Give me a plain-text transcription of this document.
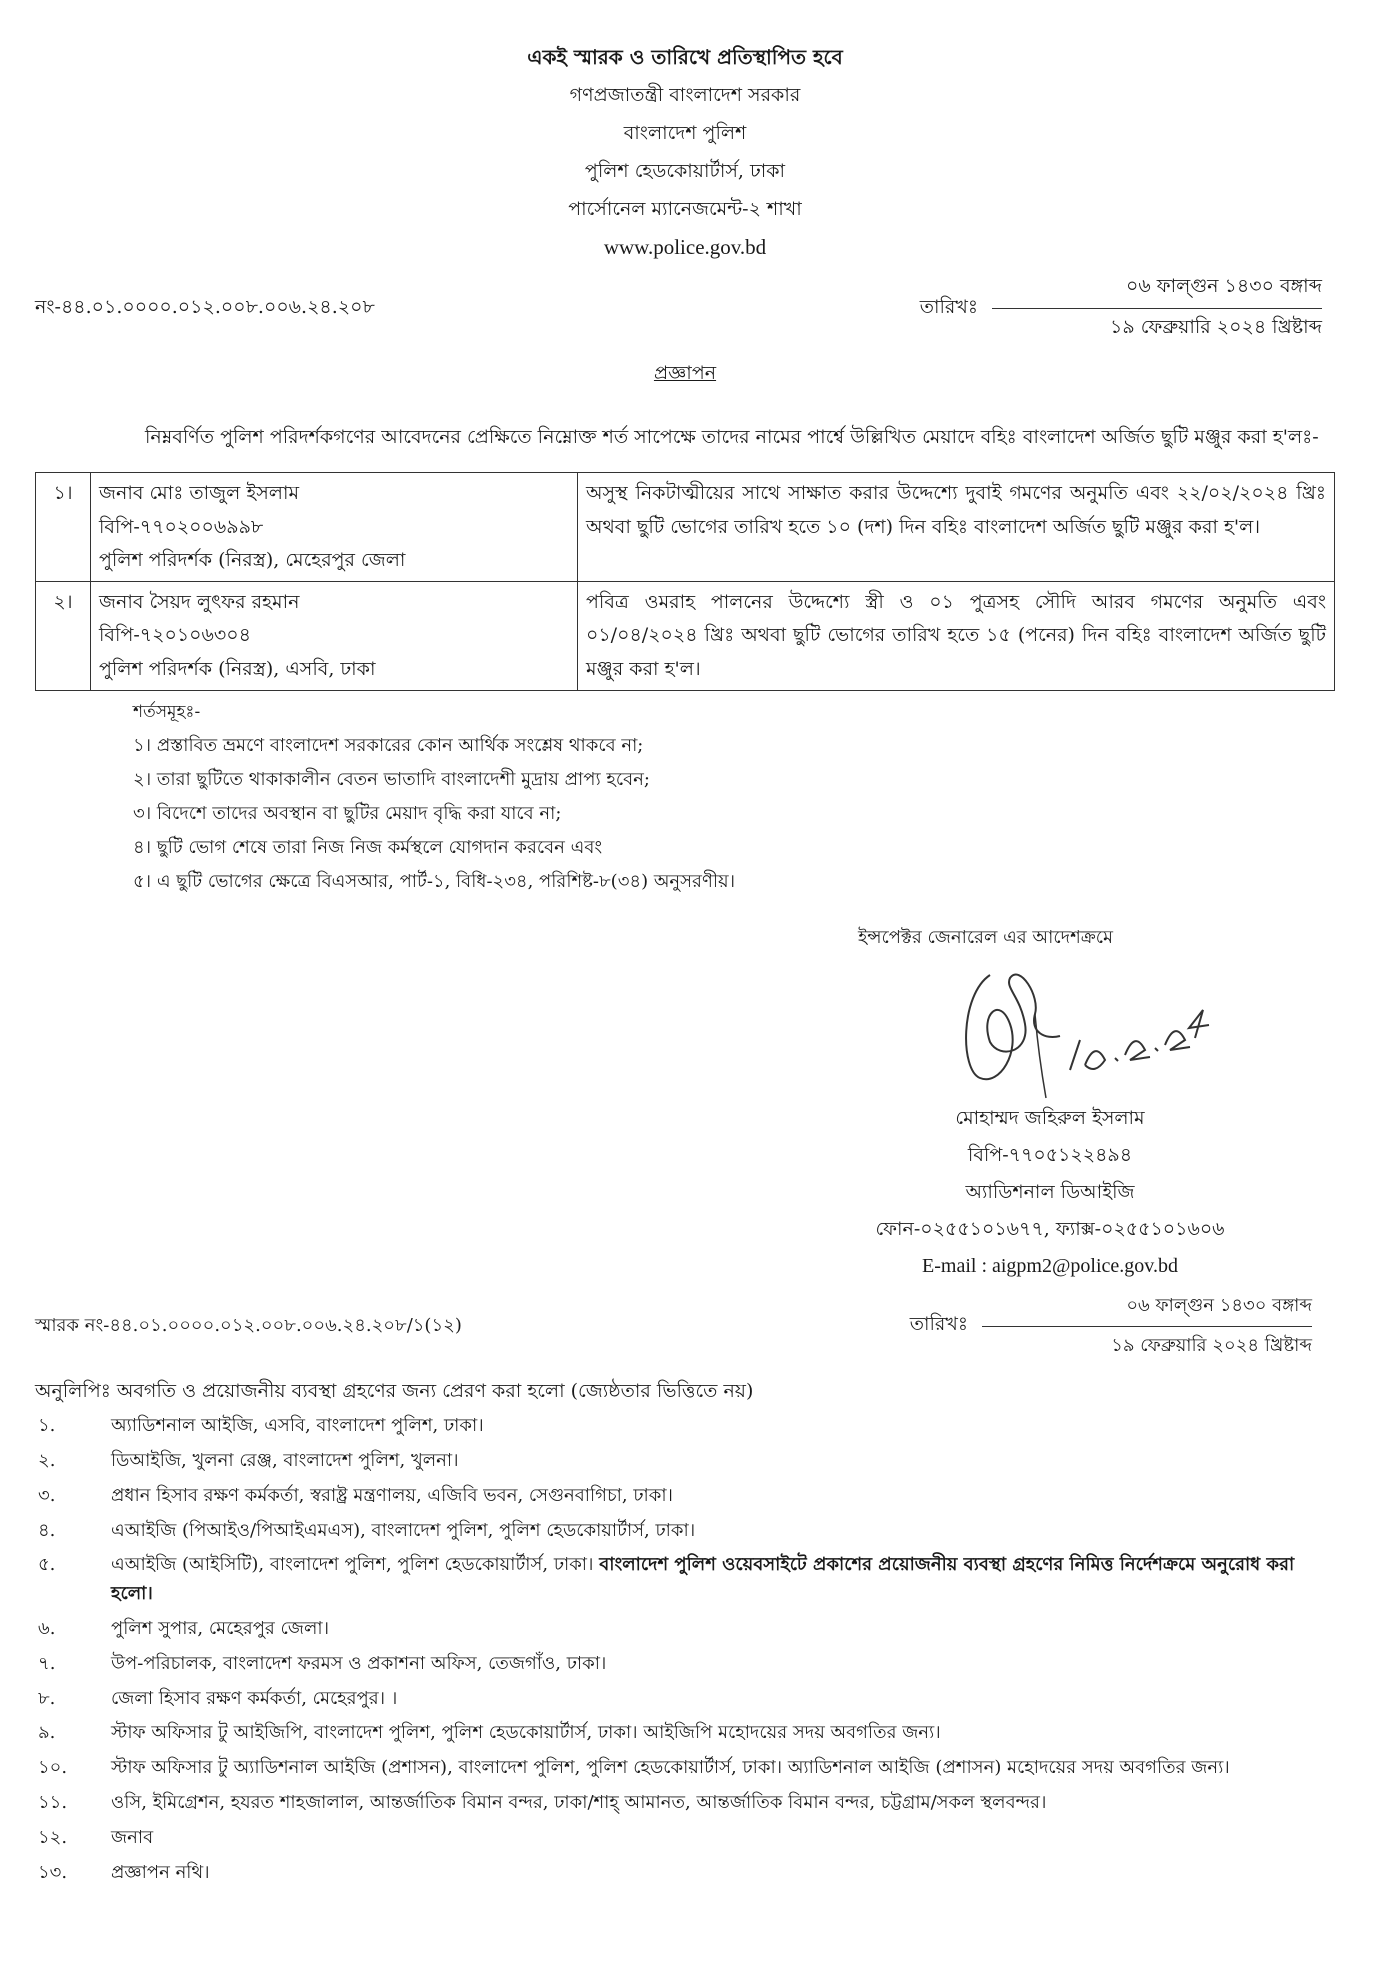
একই স্মারক ও তারিখে প্রতিস্থাপিত হবে
গণপ্রজাতন্ত্রী বাংলাদেশ সরকার
বাংলাদেশ পুলিশ
পুলিশ হেডকোয়ার্টার্স, ঢাকা
পার্সোনেল ম্যানেজমেন্ট-২ শাখা
www.police.gov.bd
নং-৪৪.০১.০০০০.০১২.০০৮.০০৬.২৪.২০৮	তারিখঃ
০৬ ফাল্গুন ১৪৩০ বঙ্গাব্দ
১৯ ফেব্রুয়ারি ২০২৪ খ্রিষ্টাব্দ
প্রজ্ঞাপন
নিম্নবর্ণিত পুলিশ পরিদর্শকগণের আবেদনের প্রেক্ষিতে নিম্নোক্ত শর্ত সাপেক্ষে তাদের নামের পার্শ্বে উল্লিখিত মেয়াদে বহিঃ বাংলাদেশ অর্জিত ছুটি মঞ্জুর করা হ'লঃ-
১।	জনাব মোঃ তাজুল ইসলাম
বিপি-৭৭০২০০৬৯৯৮
পুলিশ পরিদর্শক (নিরস্ত্র), মেহেরপুর জেলা	অসুস্থ নিকটাত্মীয়ের সাথে সাক্ষাত করার উদ্দেশ্যে দুবাই গমণের অনুমতি এবং ২২/০২/২০২৪ খ্রিঃ অথবা ছুটি ভোগের তারিখ হতে ১০ (দশ) দিন বহিঃ বাংলাদেশ অর্জিত ছুটি মঞ্জুর করা হ'ল।
২।	জনাব সৈয়দ লুৎফর রহমান
বিপি-৭২০১০৬৩০৪
পুলিশ পরিদর্শক (নিরস্ত্র), এসবি, ঢাকা	পবিত্র ওমরাহ পালনের উদ্দেশ্যে স্ত্রী ও ০১ পুত্রসহ সৌদি আরব গমণের অনুমতি এবং ০১/০৪/২০২৪ খ্রিঃ অথবা ছুটি ভোগের তারিখ হতে ১৫ (পনের) দিন বহিঃ বাংলাদেশ অর্জিত ছুটি মঞ্জুর করা হ'ল।
শর্তসমূহঃ-
১। প্রস্তাবিত ভ্রমণে বাংলাদেশ সরকারের কোন আর্থিক সংশ্লেষ থাকবে না;
২। তারা ছুটিতে থাকাকালীন বেতন ভাতাদি বাংলাদেশী মুদ্রায় প্রাপ্য হবেন;
৩। বিদেশে তাদের অবস্থান বা ছুটির মেয়াদ বৃদ্ধি করা যাবে না;
৪। ছুটি ভোগ শেষে তারা নিজ নিজ কর্মস্থলে যোগদান করবেন এবং
৫। এ ছুটি ভোগের ক্ষেত্রে বিএসআর, পার্ট-১, বিধি-২৩৪, পরিশিষ্ট-৮(৩৪) অনুসরণীয়।
ইন্সপেক্টর জেনারেল এর আদেশক্রমে
মোহাম্মদ জহিরুল ইসলাম
বিপি-৭৭০৫১২২৪৯৪
অ্যাডিশনাল ডিআইজি
ফোন-০২৫৫১০১৬৭৭, ফ্যাক্স-০২৫৫১০১৬০৬
E-mail : aigpm2@police.gov.bd
স্মারক নং-৪৪.০১.০০০০.০১২.০০৮.০০৬.২৪.২০৮/১(১২)	তারিখঃ
০৬ ফাল্গুন ১৪৩০ বঙ্গাব্দ
১৯ ফেব্রুয়ারি ২০২৪ খ্রিষ্টাব্দ
অনুলিপিঃ অবগতি ও প্রয়োজনীয় ব্যবস্থা গ্রহণের জন্য প্রেরণ করা হলো (জ্যেষ্ঠতার ভিত্তিতে নয়)
১.	অ্যাডিশনাল আইজি, এসবি, বাংলাদেশ পুলিশ, ঢাকা।
২.	ডিআইজি, খুলনা রেঞ্জ, বাংলাদেশ পুলিশ, খুলনা।
৩.	প্রধান হিসাব রক্ষণ কর্মকর্তা, স্বরাষ্ট্র মন্ত্রণালয়, এজিবি ভবন, সেগুনবাগিচা, ঢাকা।
৪.	এআইজি (পিআইও/পিআইএমএস), বাংলাদেশ পুলিশ, পুলিশ হেডকোয়ার্টার্স, ঢাকা।
৫.	এআইজি (আইসিটি), বাংলাদেশ পুলিশ, পুলিশ হেডকোয়ার্টার্স, ঢাকা। বাংলাদেশ পুলিশ ওয়েবসাইটে প্রকাশের প্রয়োজনীয় ব্যবস্থা গ্রহণের নিমিত্ত নির্দেশক্রমে অনুরোধ করা হলো।
৬.	পুলিশ সুপার, মেহেরপুর জেলা।
৭.	উপ-পরিচালক, বাংলাদেশ ফরমস ও প্রকাশনা অফিস, তেজগাঁও, ঢাকা।
৮.	জেলা হিসাব রক্ষণ কর্মকর্তা, মেহেরপুর। ।
৯.	স্টাফ অফিসার টু আইজিপি, বাংলাদেশ পুলিশ, পুলিশ হেডকোয়ার্টার্স, ঢাকা। আইজিপি মহোদয়ের সদয় অবগতির জন্য।
১০.	স্টাফ অফিসার টু অ্যাডিশনাল আইজি (প্রশাসন), বাংলাদেশ পুলিশ, পুলিশ হেডকোয়ার্টার্স, ঢাকা। অ্যাডিশনাল আইজি (প্রশাসন) মহোদয়ের সদয় অবগতির জন্য।
১১.	ওসি, ইমিগ্রেশন, হযরত শাহজালাল, আন্তর্জাতিক বিমান বন্দর, ঢাকা/শাহ্ আমানত, আন্তর্জাতিক বিমান বন্দর, চট্টগ্রাম/সকল স্থলবন্দর।
১২.	জনাব
১৩.	প্রজ্ঞাপন নথি।
